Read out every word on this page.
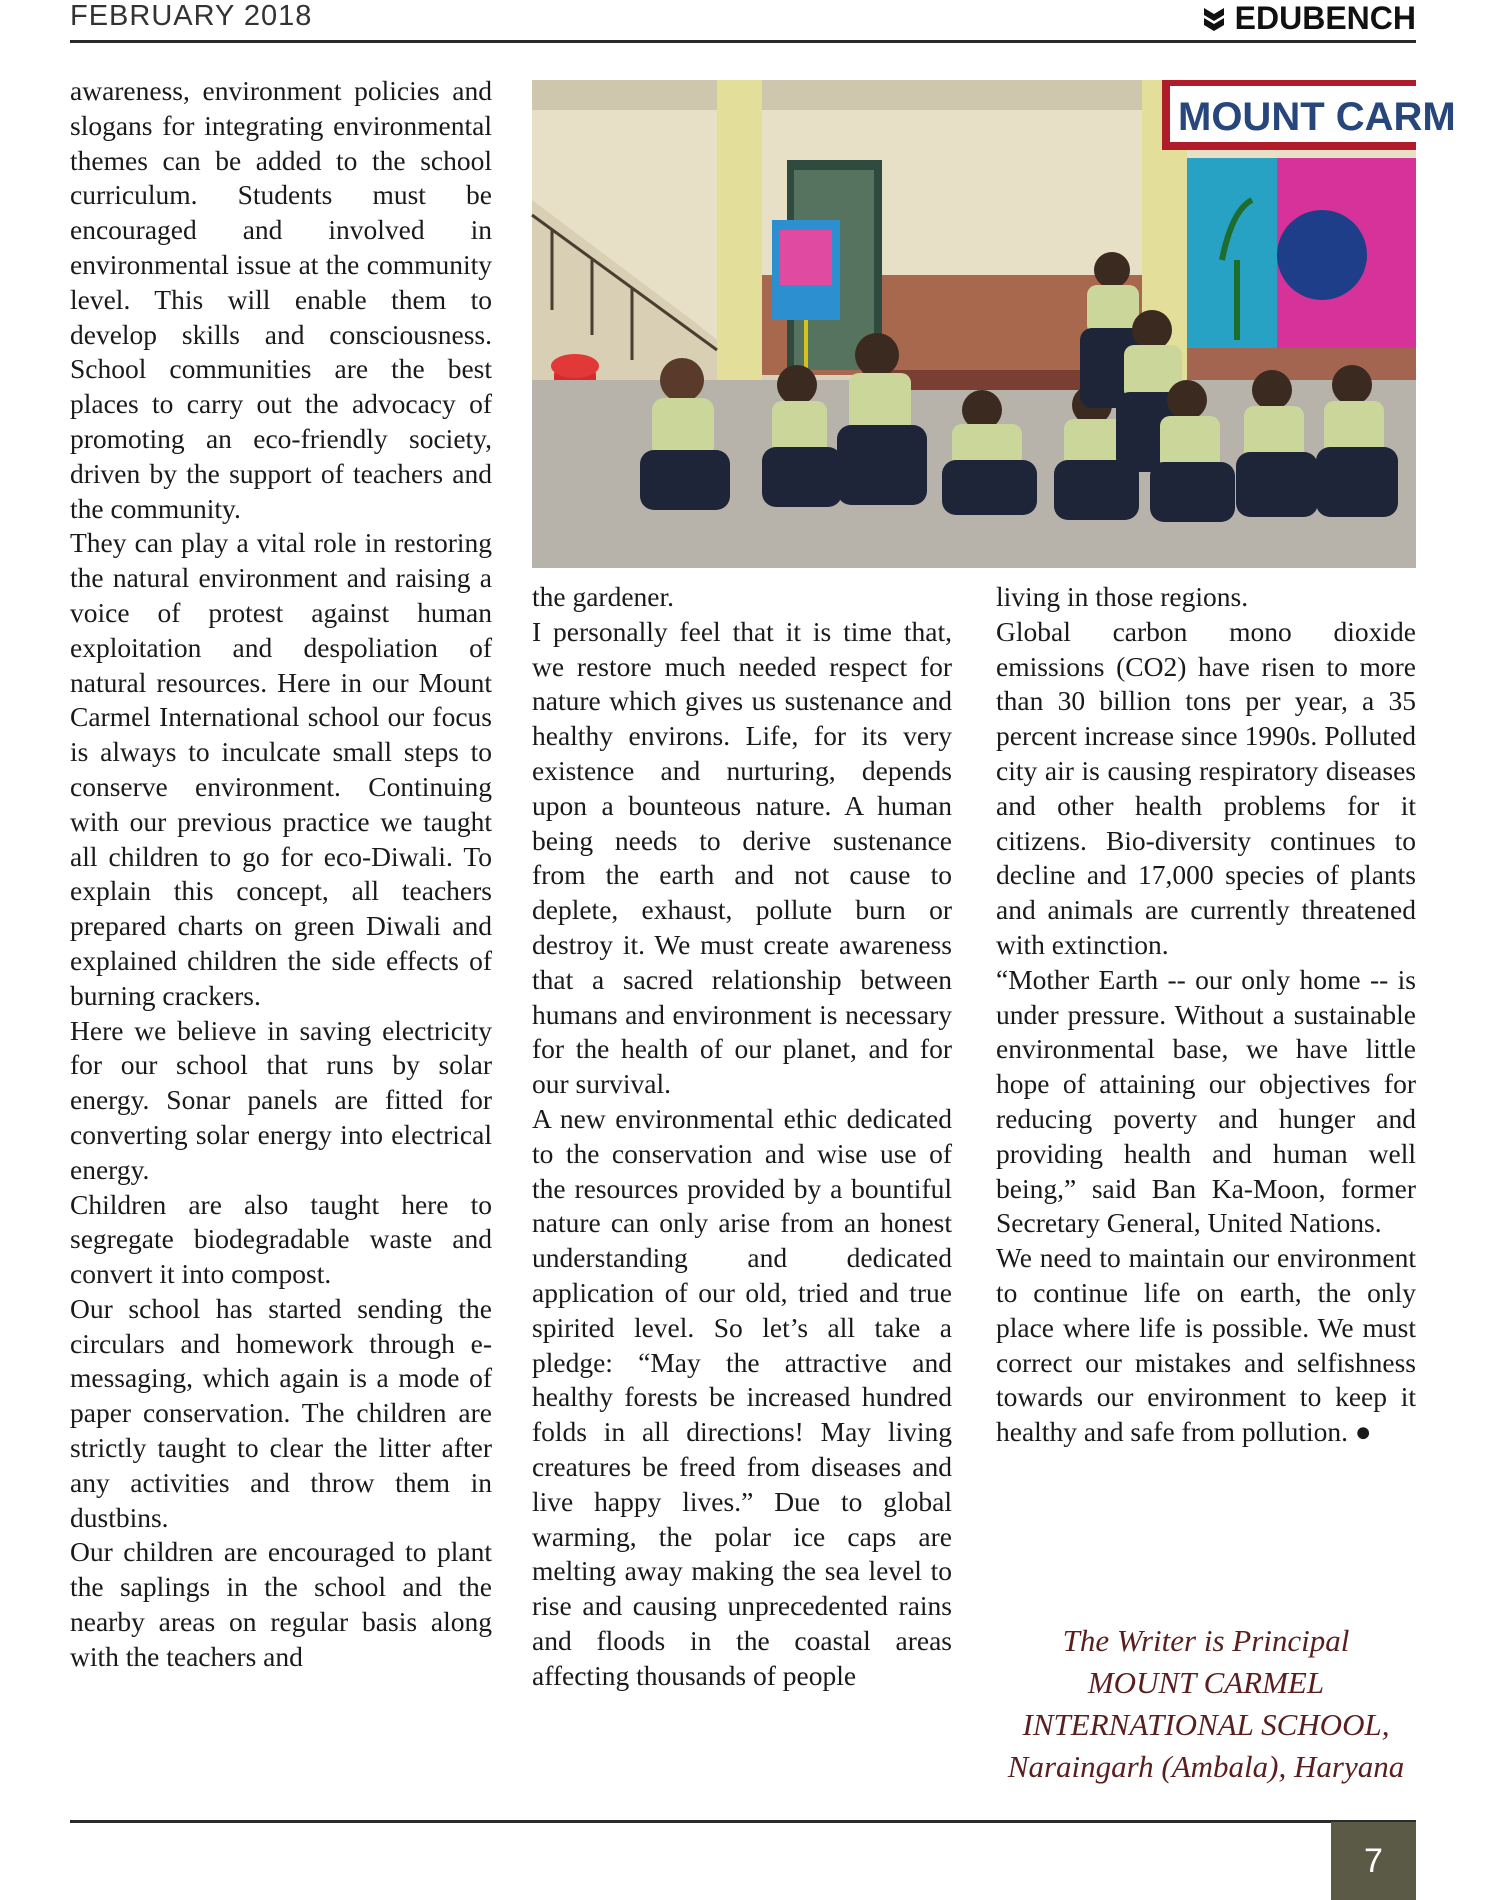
FEBRUARY 2018	EDUBENCH

awareness, environment policies and slogans for integrating environmental themes can be added to the school curriculum. Students must be encouraged and involved in environmental issue at the community level. This will enable them to develop skills and consciousness. School communities are the best places to carry out the advocacy of promoting an eco-friendly society, driven by the support of teachers and the community.

They can play a vital role in restoring the natural environment and raising a voice of protest against human exploitation and despoliation of natural resources. Here in our Mount Carmel International school our focus is always to inculcate small steps to conserve environment. Continuing with our previous practice we taught all children to go for eco-Diwali. To explain this concept, all teachers prepared charts on green Diwali and explained children the side effects of burning crackers.

Here we believe in saving electricity for our school that runs by solar energy. Sonar panels are fitted for converting solar energy into electrical energy.

Children are also taught here to segregate biodegradable waste and convert it into compost.

Our school has started sending the circulars and homework through e-messaging, which again is a mode of paper conservation. The children are strictly taught to clear the litter after any activities and throw them in dustbins.

Our children are encouraged to plant the saplings in the school and the nearby areas on regular basis along with the teachers and

MOUNT CARM

the gardener.

I personally feel that it is time that, we restore much needed respect for nature which gives us sustenance and healthy environs. Life, for its very existence and nurturing, depends upon a bounteous nature. A human being needs to derive sustenance from the earth and not cause to deplete, exhaust, pollute burn or destroy it. We must create awareness that a sacred relationship between humans and environment is necessary for the health of our planet, and for our survival.

A new environmental ethic dedicated to the conservation and wise use of the resources provided by a bountiful nature can only arise from an honest understanding and dedicated application of our old, tried and true spirited level. So let’s all take a pledge: “May the attractive and healthy forests be increased hundred folds in all directions! May living creatures be freed from diseases and live happy lives.” Due to global warming, the polar ice caps are melting away making the sea level to rise and causing unprecedented rains and floods in the coastal areas affecting thousands of people

living in those regions.

Global carbon mono dioxide emissions (CO2) have risen to more than 30 billion tons per year, a 35 percent increase since 1990s. Polluted city air is causing respiratory diseases and other health problems for it citizens. Bio-diversity continues to decline and 17,000 species of plants and animals are currently threatened with extinction.

“Mother Earth -- our only home -- is under pressure. Without a sustainable environmental base, we have little hope of attaining our objectives for reducing poverty and hunger and providing health and human well being,” said Ban Ka-Moon, former Secretary General, United Nations.

We need to maintain our environment to continue life on earth, the only place where life is possible. We must correct our mistakes and selfishness towards our environment to keep it healthy and safe from pollution. ●

The Writer is Principal
MOUNT CARMEL
INTERNATIONAL SCHOOL,
Naraingarh (Ambala), Haryana
7
